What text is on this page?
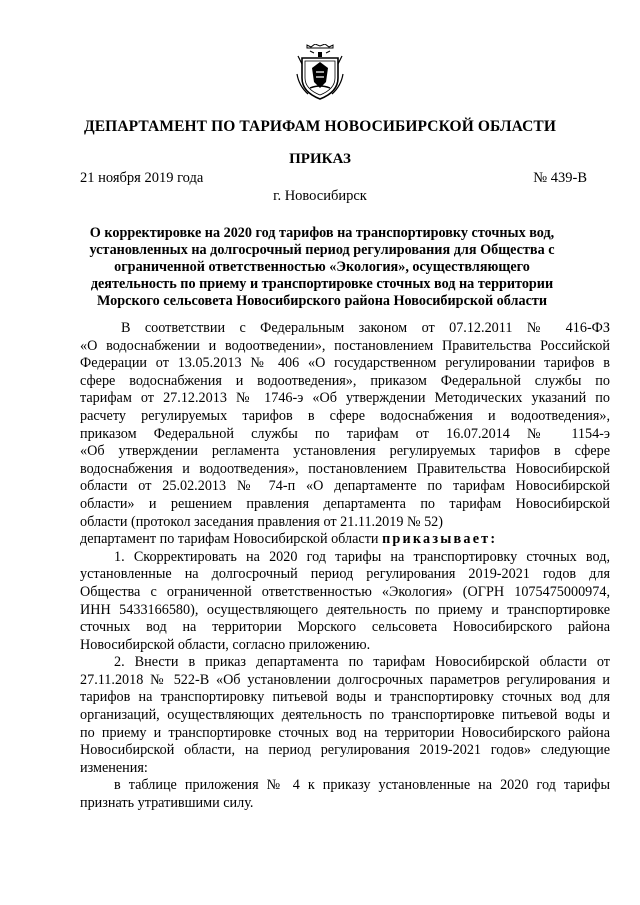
ДЕПАРТАМЕНТ ПО ТАРИФАМ НОВОСИБИРСКОЙ ОБЛАСТИ
ПРИКАЗ
21 ноября 2019 года	№ 439-В
г. Новосибирск
О корректировке на 2020 год тарифов на транспортировку сточных вод,
установленных на долгосрочный период регулирования для Общества с
ограниченной ответственностью «Экология», осуществляющего
деятельность по приему и транспортировке сточных вод на территории
Морского сельсовета Новосибирского района Новосибирской области
В соответствии с Федеральным законом от 07.12.2011 № 416-ФЗ
«О водоснабжении и водоотведении», постановлением Правительства Российской
Федерации от 13.05.2013 № 406 «О государственном регулировании тарифов в
сфере водоснабжения и водоотведения», приказом Федеральной службы по
тарифам от 27.12.2013 № 1746-э «Об утверждении Методических указаний по
расчету регулируемых тарифов в сфере водоснабжения и водоотведения»,
приказом Федеральной службы по тарифам от 16.07.2014 № 1154-э
«Об утверждении регламента установления регулируемых тарифов в сфере
водоснабжения и водоотведения», постановлением Правительства Новосибирской
области от 25.02.2013 № 74-п «О департаменте по тарифам Новосибирской
области» и решением правления департамента по тарифам Новосибирской
области (протокол заседания правления от 21.11.2019 № 52)
департамент по тарифам Новосибирской области приказывает:
1. Скорректировать на 2020 год тарифы на транспортировку сточных вод,
установленные на долгосрочный период регулирования 2019-2021 годов для
Общества с ограниченной ответственностью «Экология» (ОГРН 1075475000974,
ИНН 5433166580), осуществляющего деятельность по приему и транспортировке
сточных вод на территории Морского сельсовета Новосибирского района
Новосибирской области, согласно приложению.
2. Внести в приказ департамента по тарифам Новосибирской области от
27.11.2018 № 522-В «Об установлении долгосрочных параметров регулирования и
тарифов на транспортировку питьевой воды и транспортировку сточных вод для
организаций, осуществляющих деятельность по транспортировке питьевой воды и
по приему и транспортировке сточных вод на территории Новосибирского района
Новосибирской области, на период регулирования 2019-2021 годов» следующие
изменения:
в таблице приложения № 4 к приказу установленные на 2020 год тарифы
признать утратившими силу.
